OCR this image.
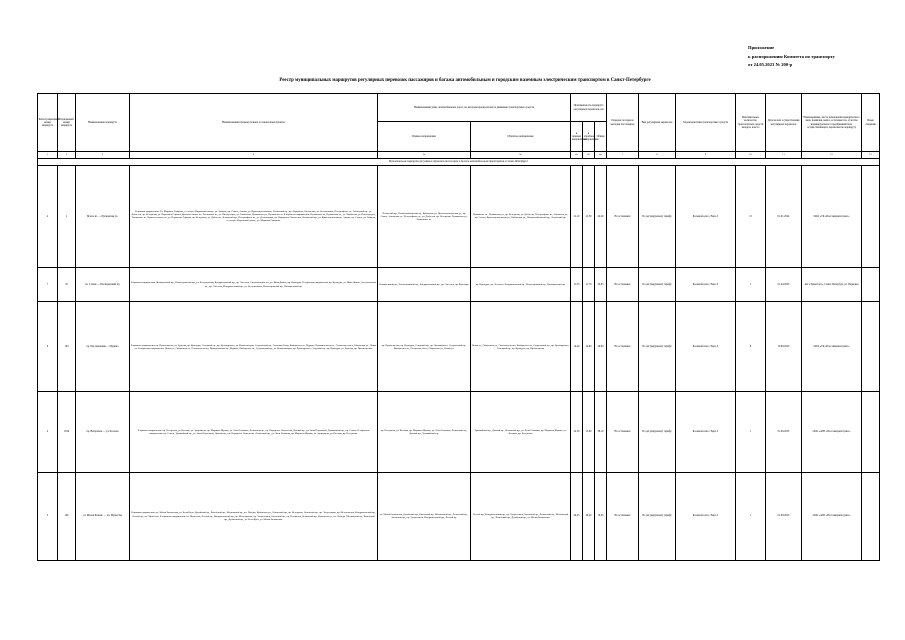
Приложение
к распоряжению Комитета по транспорту
от 24.05.2023 № 200-р
Реестр муниципальных маршрутов регулярных перевозок пассажиров и багажа автомобильным и городским наземным электрическим транспортом в Санкт-Петербурге
Регистрационный номер маршрута	Порядковый номер маршрута	Наименование маршрута	Наименования промежуточных остановочных пунктов	Наименования улиц, автомобильных дорог, по которым предполагается движение транспортных средств		Протяженность маршрута регулярных перевозок, км			Порядок посадки и высадки пассажиров	Вид регулярных перевозок	Характеристики транспортных средств	Максимальное количество транспортных средств каждого класса	Дата начала осуществления регулярных перевозок	Наименование, место нахождения юридического лица, фамилия, имя и, если имеется, отчество индивидуального предпринимателя, осуществляющего перевозки по маршруту	Иные сведения
				Прямое направление	Обратное направление	в прямом направлении	в обратном направлении	Общая							
1	2	3	4	5а	5б	6а	6б	6в	7	8	9	10	11	12	13
Муниципальные маршруты регулярных перевозок пассажиров и багажа автомобильным транспортом в Санкт-Петербурге															
4	1	Малое ш. — Пулковская ул.	В прямом направлении: Ул. Маршала Говорова, ст. метро «Кировский завод», ул. Зайцева, пр. Стачек, Автово, ул. Краснопутиловская, Ленинский пр., пр. Народного Ополчения, ул. Десантников, Петергофское ш., Ленинский пр., ул. Доблести, пр. Ветеранов, ул. Партизана Германа, Красносельское ш., Таллинское ш., ул. Пионерстроя, ул. Тамбасова, Пулковская ул., Пулковское ш. В обратном направлении: Пулковское ш., Пулковская ул., ул. Тамбасова, ул. Пионерстроя, Таллинское ш., Красносельское ш., ул. Партизана Германа, пр. Ветеранов, ул. Доблести, Ленинский пр., Петергофское ш., ул. Десантников, пр. Народного Ополчения, Ленинский пр., ул. Краснопутиловская, Автово, пр. Стачек, ул. Зайцева, ст. метро «Кировский завод», ул. Маршала Говорова.	Ленинский пр., Новоизмайловский пр., Кубинская ул., Краснопутиловская ул., пр. Стачек, Автовская ул., Петергофское ш., ул. Доблести, пр. Ветеранов, Пулковская ул., Пулковское ш.	Пулковское ш., Пулковская ул., пр. Ветеранов, ул. Доблести, Петергофское ш., Автовская ул., пр. Стачек, Краснопутиловская ул., Кубинская ул., Новоизмайловский пр., Ленинский пр.	21,10	21,30	42,40	На остановках	По регулируемому тарифу	Большой класс, Евро-5	15	01.01.2024	ООО «ТК «Пассажиравтотранс»	
7	5б	пл. Стачек — Пискаревский пр.	В прямом направлении: Пискаревский пр., Полюстровский пр., ул. Бестужевская, Кондратьевский пр., пр. Энгельса, Светлановская пл., ул. Жака Дюкло, пр. Культуры. В обратном направлении: пр. Культуры, ул. Жака Дюкло, Светлановская пл., пр. Энгельса, Кондратьевский пр., ул. Бестужевская, Полюстровский пр., Пискаревский пр.	Пискаревский пр., Полюстровский пр., Кондратьевский пр., пр. Энгельса, пр. Культуры	пр. Культуры, пр. Энгельса, Кондратьевский пр., Полюстровский пр., Пискаревский пр.	11,35	11,70	23,05	На остановках	По регулируемому тарифу	Большой класс, Евро-5	1	01.04.2023	АО «Транспорт», Санкт-Петербург, ул. Парковая	
9	104	пр. Просвещения — Мурино	В прямом направлении: пр. Просвещения, ул. Руднева, пр. Культуры, Северный пр., пр. Луначарского, ул. Композиторов, Суздальский пр., Осиновая Роща, Выборгское ш., Мурино, Привокзальная пл., Охтинская аллея, Оборонная ул., Новая ул. В обратном направлении: Новая ул., Оборонная ул., Охтинская аллея, Привокзальная пл., Мурино, Выборгское ш., Суздальский пр., ул. Композиторов, пр. Луначарского, Северный пр., пр. Культуры, ул. Руднева, пр. Просвещения.	пр. Просвещения, пр. Культуры, Северный пр., пр. Луначарского, Суздальский пр., Выборгское ш., Охтинская аллея, Оборонная ул., Новая ул.	Новая ул., Оборонная ул., Охтинская аллея, Выборгское ш., Суздальский пр., пр. Луначарского, Северный пр., пр. Культуры, пр. Просвещения	14,40	14,60	29,00	На остановках	По регулируемому тарифу	Большой класс, Евро-5	8	10.08.2023	ООО «ТК «Пассажиравтотранс»	
4	103н	пр. Ветеранов — ул. Козлова	В прямом направлении: пр. Ветеранов, ул. Козлова, ул. Здоровцева, пр. Маршала Жукова, ул. Лени Голикова, Ленинский пр., пр. Народного Ополчения, Дачный пр., ул. Зины Портновой, Трамвайный пр., пр. Стачек. В обратном направлении: пр. Стачек, Трамвайный пр., ул. Зины Портновой, Дачный пр., пр. Народного Ополчения, Ленинский пр., ул. Лени Голикова, пр. Маршала Жукова, ул. Здоровцева, ул. Козлова, пр. Ветеранов.	пр. Ветеранов, ул. Козлова, пр. Маршала Жукова, ул. Лени Голикова, Ленинский пр., Дачный пр., Трамвайный пр.	Трамвайный пр., Дачный пр., Ленинский пр., ул. Лени Голикова, пр. Маршала Жукова, ул. Козлова, пр. Ветеранов	22,50	15,60	38,10	На остановках	По регулируемому тарифу	Большой класс, Евро-5	1	01.09.2023	ООО «АТП «Пассажиравтотранс»	
5	140	ул. Малая Балкан. — пл. Мужества	В прямом направлении: ул. Малая Балканская, ул. Белы Куна, Дунайский пр., Витебский пр., Московский пр., пл. Победы, Кубинская ул., Ленинский пр., пр. Ветеранов, Заневский пр., пр. Энергетиков, пр. Металлистов, Кондратьевский пр., Лесной пр., пл. Мужества. В обратном направлении: пл. Мужества, Лесной пр., Кондратьевский пр., пр. Металлистов, пр. Энергетиков, Заневский пр., пр. Ветеранов, Ленинский пр., Кубинская ул., пл. Победы, Московский пр., Витебский пр., Дунайский пр., ул. Белы Куна, ул. Малая Балканская.	ул. Малая Балканская, Дунайский пр., Витебский пр., Московский пр., Ленинский пр., Заневский пр., пр. Энергетиков, Кондратьевский пр., Лесной пр.	Лесной пр., Кондратьевский пр., пр. Энергетиков, Заневский пр., Ленинский пр., Московский пр., Витебский пр., Дунайский пр., ул. Малая Балканская	40,25	39,20	79,45	На остановках	По регулируемому тарифу	Большой класс, Евро-5	1	01.08.2023	ООО «АТП «Пассажиравтотранс»	
